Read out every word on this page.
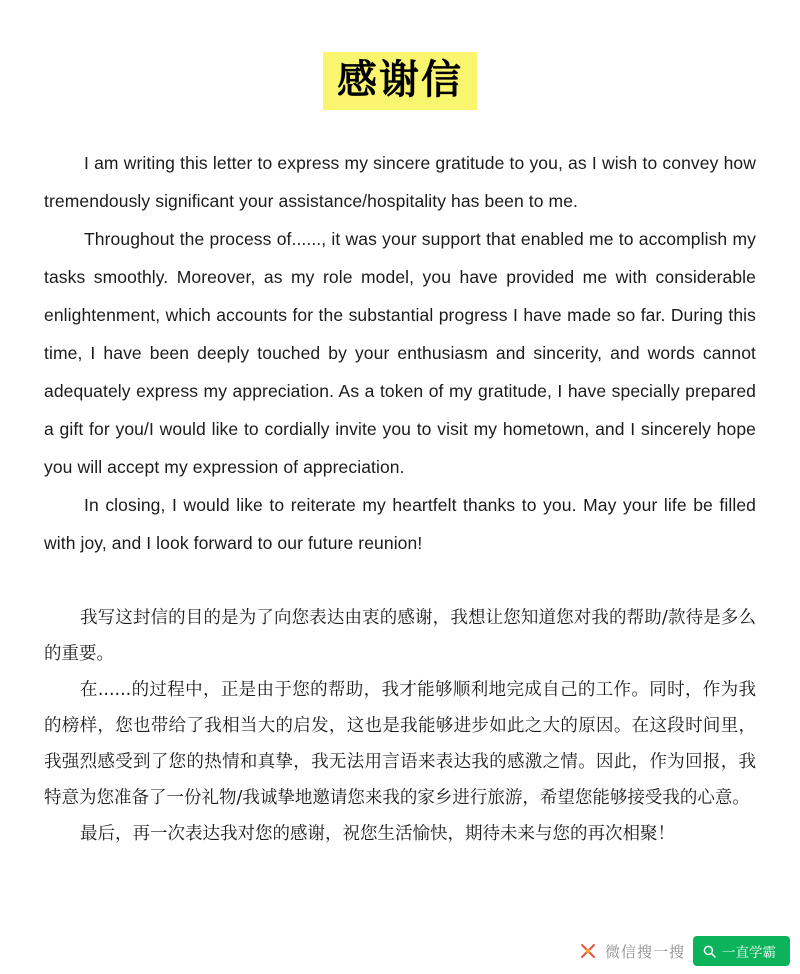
感谢信

I am writing this letter to express my sincere gratitude to you, as I wish to convey how tremendously significant your assistance/hospitality has been to me.

Throughout the process of......, it was your support that enabled me to accomplish my tasks smoothly. Moreover, as my role model, you have provided me with considerable enlightenment, which accounts for the substantial progress I have made so far. During this time, I have been deeply touched by your enthusiasm and sincerity, and words cannot adequately express my appreciation. As a token of my gratitude, I have specially prepared a gift for you/I would like to cordially invite you to visit my hometown, and I sincerely hope you will accept my expression of appreciation.

In closing, I would like to reiterate my heartfelt thanks to you. May your life be filled with joy, and I look forward to our future reunion!

我写这封信的目的是为了向您表达由衷的感谢，我想让您知道您对我的帮助/款待是多么的重要。

在......的过程中，正是由于您的帮助，我才能够顺利地完成自己的工作。同时，作为我的榜样，您也带给了我相当大的启发，这也是我能够进步如此之大的原因。在这段时间里，我强烈感受到了您的热情和真挚，我无法用言语来表达我的感激之情。因此，作为回报，我特意为您准备了一份礼物/我诚挚地邀请您来我的家乡进行旅游，希望您能够接受我的心意。

最后，再一次表达我对您的感谢，祝您生活愉快，期待未来与您的再次相聚！

微信搜一搜	一直学霸
